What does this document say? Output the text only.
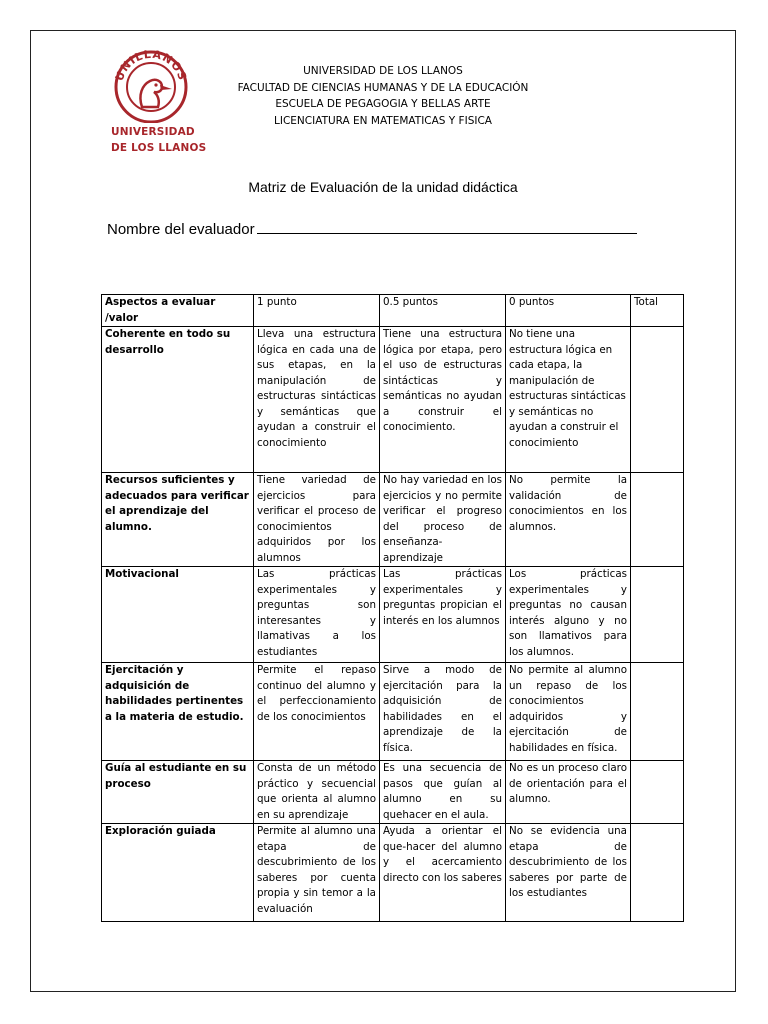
UNILLANOS
UNIVERSIDAD
DE LOS LLANOS
UNIVERSIDAD DE LOS LLANOS
FACULTAD DE CIENCIAS HUMANAS Y DE LA EDUCACIÓN
ESCUELA DE PEGAGOGIA Y BELLAS ARTE
LICENCIATURA EN MATEMATICAS Y FISICA
Matriz de Evaluación de la unidad didáctica
Nombre del evaluador
Aspectos a evaluar /valor	1 punto	0.5 puntos	0 puntos	Total
Coherente en todo su desarrollo	Lleva una estructura lógica en cada una de sus etapas, en la manipulación de estructuras sintácticas y semánticas que ayudan a construir el conocimiento	Tiene una estructura lógica por etapa, pero el uso de estructuras sintácticas y semánticas no ayudan a construir el conocimiento.	No tiene una estructura lógica en cada etapa, la manipulación de estructuras sintácticas y semánticas no ayudan a construir el conocimiento	
Recursos suficientes y adecuados para verificar el aprendizaje del alumno.	Tiene variedad de ejercicios para verificar el proceso de conocimientos adquiridos por los alumnos	No hay variedad en los ejercicios y no permite verificar el progreso del proceso de enseñanza-aprendizaje	No permite la validación de conocimientos en los alumnos.	
Motivacional	Las prácticas experimentales y preguntas son interesantes y llamativas a los estudiantes	Las prácticas experimentales y preguntas propician el interés en los alumnos	Los prácticas experimentales y preguntas no causan interés alguno y no son llamativos para los alumnos.	
Ejercitación y adquisición de habilidades pertinentes a la materia de estudio.	Permite el repaso continuo del alumno y el perfeccionamiento de los conocimientos	Sirve a modo de ejercitación para la adquisición de habilidades en el aprendizaje de la física.	No permite al alumno un repaso de los conocimientos adquiridos y ejercitación de habilidades en física.	
Guía al estudiante en su proceso	Consta de un método práctico y secuencial que orienta al alumno en su aprendizaje	Es una secuencia de pasos que guían al alumno en su quehacer en el aula.	No es un proceso claro de orientación para el alumno.	
Exploración guiada	Permite al alumno una etapa de descubrimiento de los saberes por cuenta propia y sin temor a la evaluación	Ayuda a orientar el que-hacer del alumno y el acercamiento directo con los saberes	No se evidencia una etapa de descubrimiento de los saberes por parte de los estudiantes	
